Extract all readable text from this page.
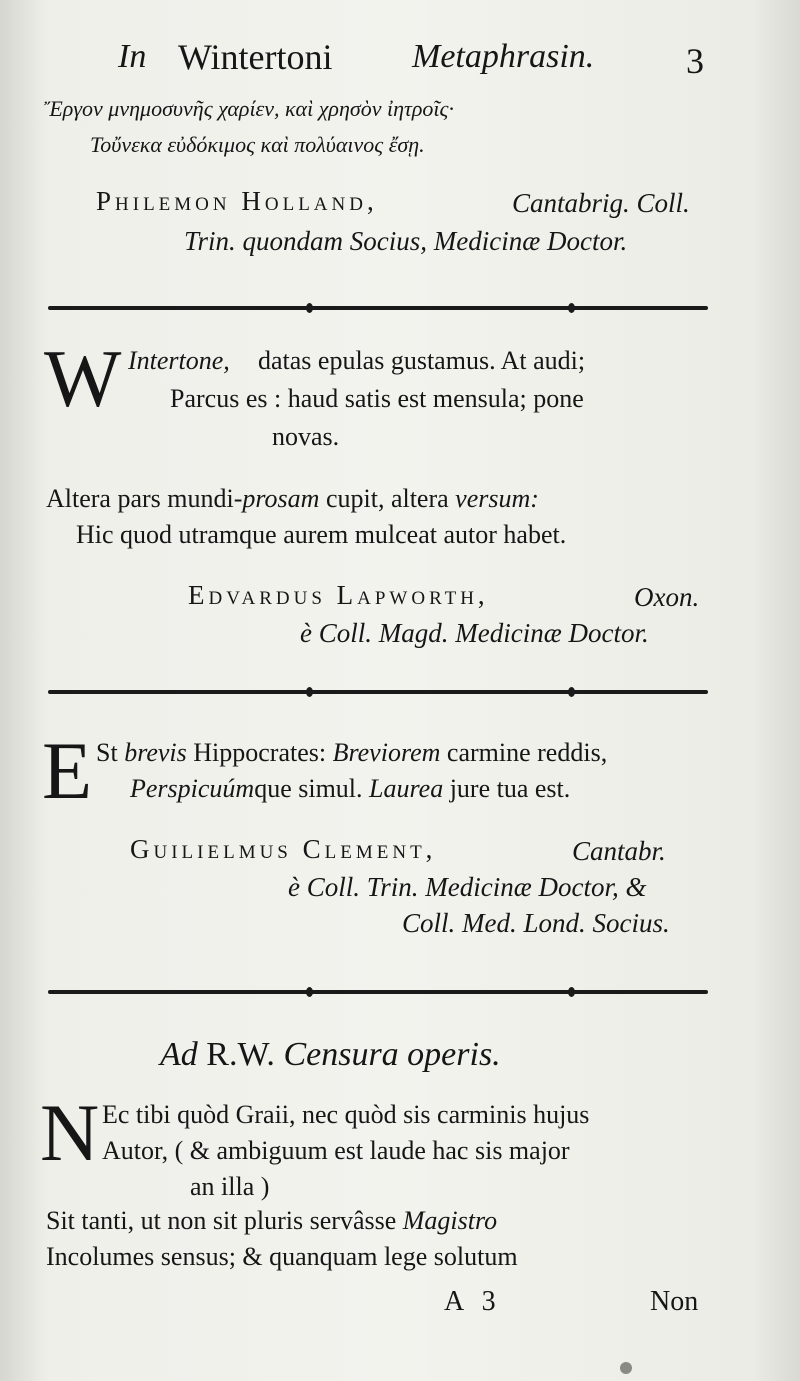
In Wintertoni Metaphrasin.	3
Ἔργον μνημοσυνῆς χαρίεν, καὶ χρησὸν ἰητροῖς·
Τοὔνεκα εὐδόκιμος καὶ πολύαινος ἔσῃ.
Philemon Holland,	Cantabrig. Coll.
Trin. quondam Socius, Medicinæ Doctor.
W Intertone, datas epulas gustamus. At audi;
Parcus es : haud satis est mensula; pone
novas.
Altera pars mundi-prosam cupit, altera versum:
Hic quod utramque aurem mulceat autor habet.
Edvardus Lapworth,	Oxon.
è Coll. Magd. Medicinæ Doctor.
E St brevis Hippocrates: Breviorem carmine reddis,
Perspicuúmque simul. Laurea jure tua est.
Guilielmus Clement,	Cantabr.
è Coll. Trin. Medicinæ Doctor, &
Coll. Med. Lond. Socius.
Ad R.W. Censura operis.
N Ec tibi quòd Graii, nec quòd sis carminis hujus
Autor, ( & ambiguum est laude hac sis major
an illa )
Sit tanti, ut non sit pluris servâsse Magistro
Incolumes sensus; & quanquam lege solutum
A 3	Non
